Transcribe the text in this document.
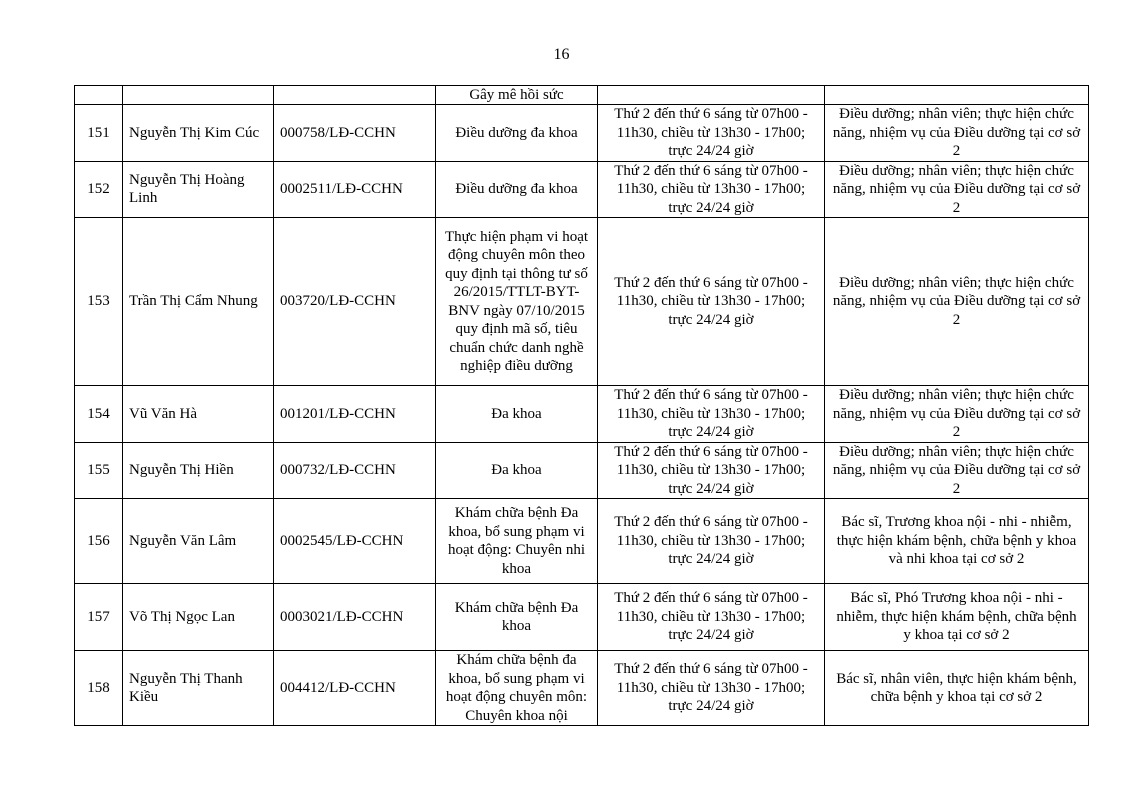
16
			Gây mê hồi sức		
151	Nguyễn Thị Kim Cúc	000758/LĐ-CCHN	Điều dưỡng đa khoa	Thứ 2 đến thứ 6 sáng từ 07h00 - 11h30, chiều từ 13h30 - 17h00; trực 24/24 giờ	Điều dưỡng; nhân viên; thực hiện chức năng, nhiệm vụ của Điều dưỡng tại cơ sở 2
152	Nguyễn Thị Hoàng Linh	0002511/LĐ-CCHN	Điều dưỡng đa khoa	Thứ 2 đến thứ 6 sáng từ 07h00 - 11h30, chiều từ 13h30 - 17h00; trực 24/24 giờ	Điều dưỡng; nhân viên; thực hiện chức năng, nhiệm vụ của Điều dưỡng tại cơ sở 2
153	Trần Thị Cẩm Nhung	003720/LĐ-CCHN	Thực hiện phạm vi hoạt động chuyên môn theo quy định tại thông tư số 26/2015/TTLT-BYT-BNV ngày 07/10/2015 quy định mã số, tiêu chuẩn chức danh nghề nghiệp điều dưỡng	Thứ 2 đến thứ 6 sáng từ 07h00 - 11h30, chiều từ 13h30 - 17h00; trực 24/24 giờ	Điều dưỡng; nhân viên; thực hiện chức năng, nhiệm vụ của Điều dưỡng tại cơ sở 2
154	Vũ Văn Hà	001201/LĐ-CCHN	Đa khoa	Thứ 2 đến thứ 6 sáng từ 07h00 - 11h30, chiều từ 13h30 - 17h00; trực 24/24 giờ	Điều dưỡng; nhân viên; thực hiện chức năng, nhiệm vụ của Điều dưỡng tại cơ sở 2
155	Nguyễn Thị Hiền	000732/LĐ-CCHN	Đa khoa	Thứ 2 đến thứ 6 sáng từ 07h00 - 11h30, chiều từ 13h30 - 17h00; trực 24/24 giờ	Điều dưỡng; nhân viên; thực hiện chức năng, nhiệm vụ của Điều dưỡng tại cơ sở 2
156	Nguyễn Văn Lâm	0002545/LĐ-CCHN	Khám chữa bệnh Đa khoa, bổ sung phạm vi hoạt động: Chuyên nhi khoa	Thứ 2 đến thứ 6 sáng từ 07h00 - 11h30, chiều từ 13h30 - 17h00; trực 24/24 giờ	Bác sĩ, Trương khoa nội - nhi - nhiễm, thực hiện khám bệnh, chữa bệnh y khoa và nhi khoa tại cơ sở 2
157	Võ Thị Ngọc Lan	0003021/LĐ-CCHN	Khám chữa bệnh Đa khoa	Thứ 2 đến thứ 6 sáng từ 07h00 - 11h30, chiều từ 13h30 - 17h00; trực 24/24 giờ	Bác sĩ, Phó Trương khoa nội - nhi - nhiễm, thực hiện khám bệnh, chữa bệnh y khoa tại cơ sở 2
158	Nguyễn Thị Thanh Kiều	004412/LĐ-CCHN	Khám chữa bệnh đa khoa, bổ sung phạm vi hoạt động chuyên môn: Chuyên khoa nội	Thứ 2 đến thứ 6 sáng từ 07h00 - 11h30, chiều từ 13h30 - 17h00; trực 24/24 giờ	Bác sĩ, nhân viên, thực hiện khám bệnh, chữa bệnh y khoa tại cơ sở 2
